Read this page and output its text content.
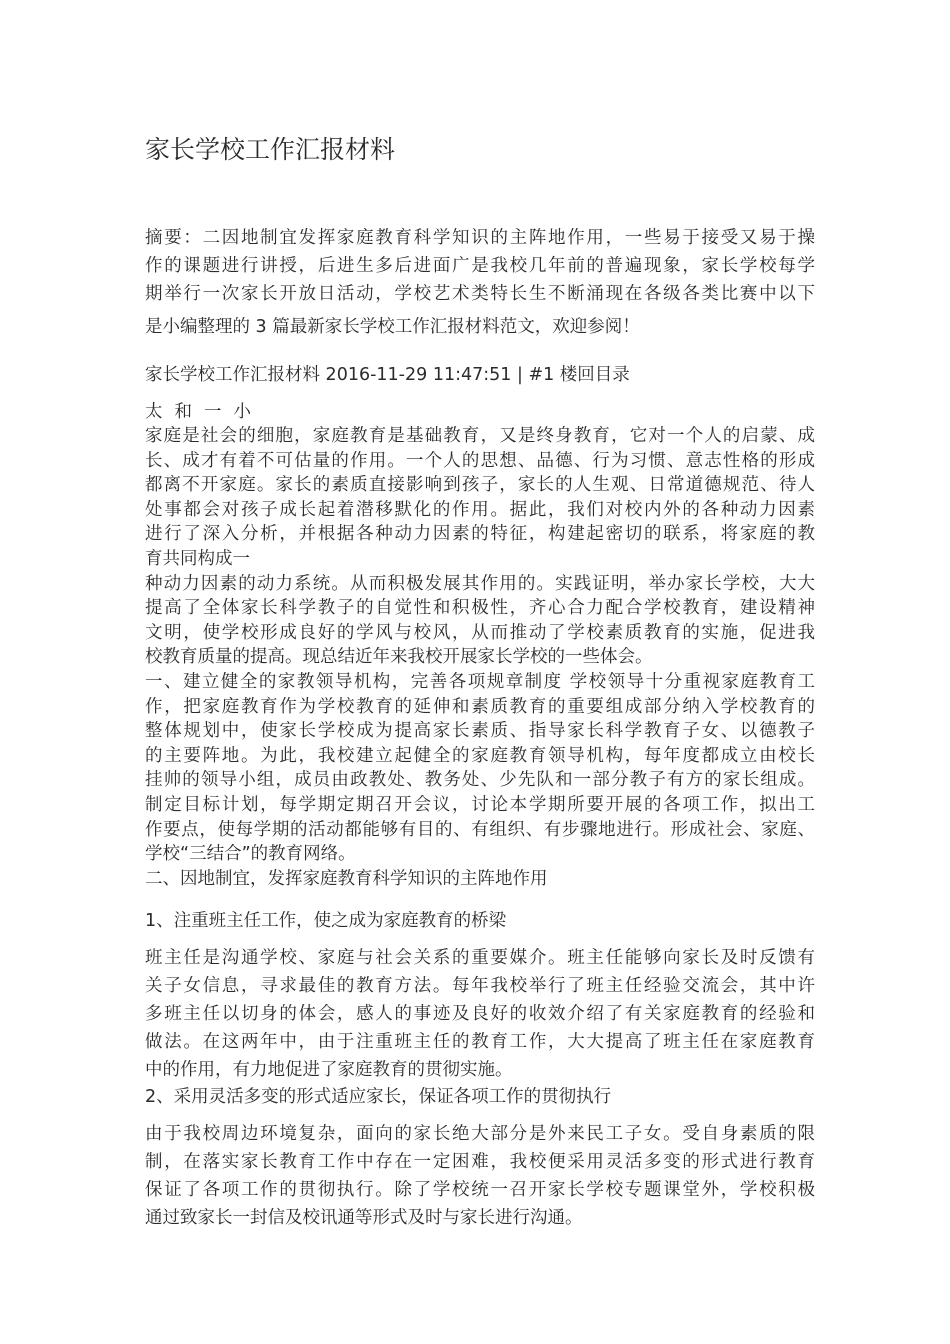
家长学校工作汇报材料
摘要：二因地制宜发挥家庭教育科学知识的主阵地作用，一些易于接受又易于操
作的课题进行讲授，后进生多后进面广是我校几年前的普遍现象，家长学校每学
期举行一次家长开放日活动，学校艺术类特长生不断涌现在各级各类比赛中以下
是小编整理的 3 篇最新家长学校工作汇报材料范文，欢迎参阅！
家长学校工作汇报材料 2016-11-29 11:47:51 | #1 楼回目录
太和一小
家庭是社会的细胞，家庭教育是基础教育，又是终身教育，它对一个人的启蒙、成
长、成才有着不可估量的作用。一个人的思想、品德、行为习惯、意志性格的形成
都离不开家庭。家长的素质直接影响到孩子，家长的人生观、日常道德规范、待人
处事都会对孩子成长起着潜移默化的作用。据此，我们对校内外的各种动力因素
进行了深入分析，并根据各种动力因素的特征，构建起密切的联系，将家庭的教
育共同构成一
种动力因素的动力系统。从而积极发展其作用的。实践证明，举办家长学校，大大
提高了全体家长科学教子的自觉性和积极性，齐心合力配合学校教育，建设精神
文明，使学校形成良好的学风与校风，从而推动了学校素质教育的实施，促进我
校教育质量的提高。现总结近年来我校开展家长学校的一些体会。
一、建立健全的家教领导机构，完善各项规章制度 学校领导十分重视家庭教育工
作，把家庭教育作为学校教育的延伸和素质教育的重要组成部分纳入学校教育的
整体规划中，使家长学校成为提高家长素质、指导家长科学教育子女、以德教子
的主要阵地。为此，我校建立起健全的家庭教育领导机构，每年度都成立由校长
挂帅的领导小组，成员由政教处、教务处、少先队和一部分教子有方的家长组成。
制定目标计划，每学期定期召开会议，讨论本学期所要开展的各项工作，拟出工
作要点，使每学期的活动都能够有目的、有组织、有步骤地进行。形成社会、家庭、
学校“三结合”的教育网络。
二、因地制宜，发挥家庭教育科学知识的主阵地作用
1、注重班主任工作，使之成为家庭教育的桥梁
班主任是沟通学校、家庭与社会关系的重要媒介。班主任能够向家长及时反馈有
关子女信息，寻求最佳的教育方法。每年我校举行了班主任经验交流会，其中许
多班主任以切身的体会，感人的事迹及良好的收效介绍了有关家庭教育的经验和
做法。在这两年中，由于注重班主任的教育工作，大大提高了班主任在家庭教育
中的作用，有力地促进了家庭教育的贯彻实施。
2、采用灵活多变的形式适应家长，保证各项工作的贯彻执行
由于我校周边环境复杂，面向的家长绝大部分是外来民工子女。受自身素质的限
制，在落实家长教育工作中存在一定困难，我校便采用灵活多变的形式进行教育
保证了各项工作的贯彻执行。除了学校统一召开家长学校专题课堂外，学校积极
通过致家长一封信及校讯通等形式及时与家长进行沟通。
